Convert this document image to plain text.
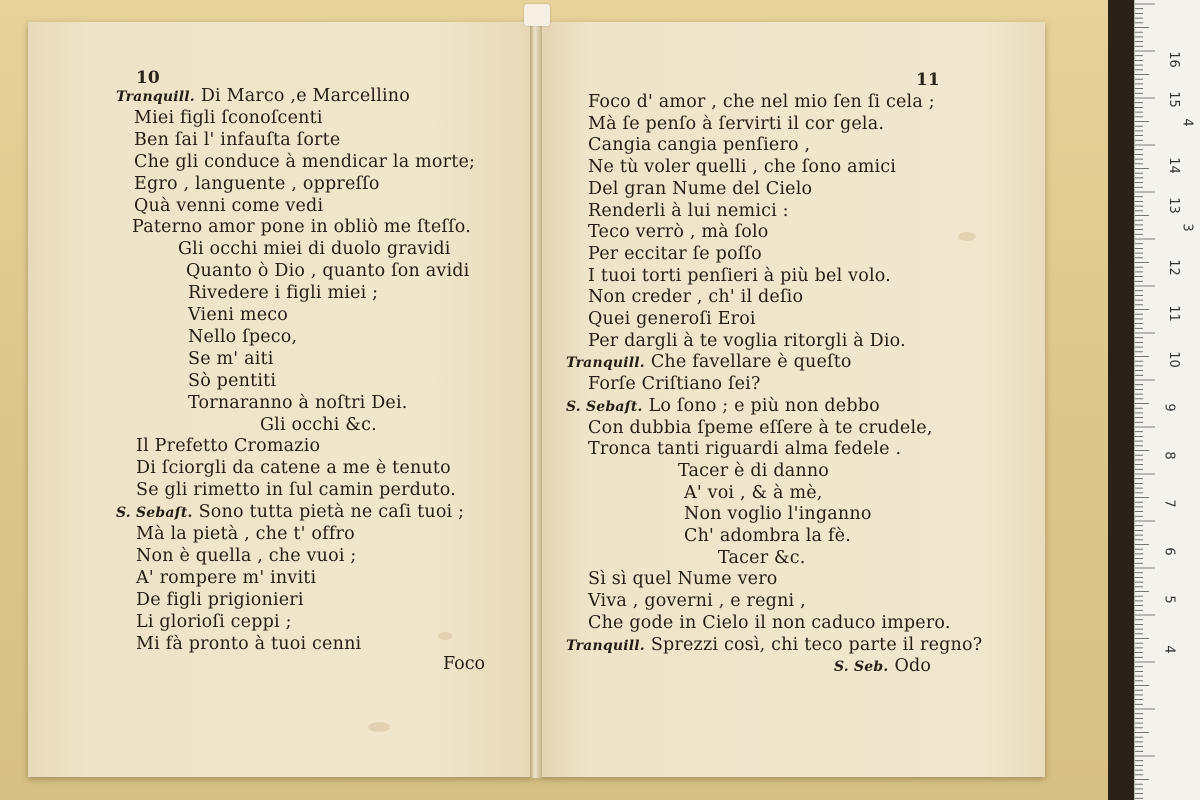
10
Tranquill. Di Marco ,e Marcellino
Miei figli ſconoſcenti
Ben ſai l' infauſta ſorte
Che gli conduce à mendicar la morte;
Egro , languente , oppreſſo
Quà venni come vedi
Paterno amor pone in obliò me ſteſſo.
Gli occhi miei di duolo gravidi
Quanto ò Dio , quanto ſon avidi
Rivedere i figli miei ;
Vieni meco
Nello ſpeco,
Se m' aiti
Sò pentiti
Tornaranno à noſtri Dei.
Gli occhi &c.
Il Prefetto Cromazio
Di ſciorgli da catene a me è tenuto
Se gli rimetto in ſul camin perduto.
S. Sebaſt. Sono tutta pietà ne caſi tuoi ;
Mà la pietà , che t' offro
Non è quella , che vuoi ;
A' rompere m' inviti
De figli prigionieri
Li glorioſi ceppi ;
Mi fà pronto à tuoi cenni
Foco
11
Foco d' amor , che nel mio ſen ſi cela ;
Mà ſe penſo à ſervirti il cor gela.
Cangia cangia penſiero ,
Ne tù voler quelli , che ſono amici
Del gran Nume del Cielo
Renderli à lui nemici :
Teco verrò , mà ſolo
Per eccitar ſe poſſo
I tuoi torti penſieri à più bel volo.
Non creder , ch' il deſio
Quei generoſi Eroi
Per dargli à te voglia ritorgli à Dio.
Tranquill. Che favellare è queſto
Forſe Criſtiano ſei?
S. Sebaſt. Lo ſono ; e più non debbo
Con dubbia ſpeme eſſere à te crudele,
Tronca tanti riguardi alma fedele .
Tacer è di danno
A' voi , & à mè,
Non voglio l'inganno
Ch' adombra la fè.
Tacer &c.
Sì sì quel Nume vero
Viva , governi , e regni ,
Che gode in Cielo il non caduco impero.
Tranquill. Sprezzi così, chi teco parte il regno?
S. Seb. Odo
16
15
4
14
13
3
12
11
10
9
8
7
6
5
4
